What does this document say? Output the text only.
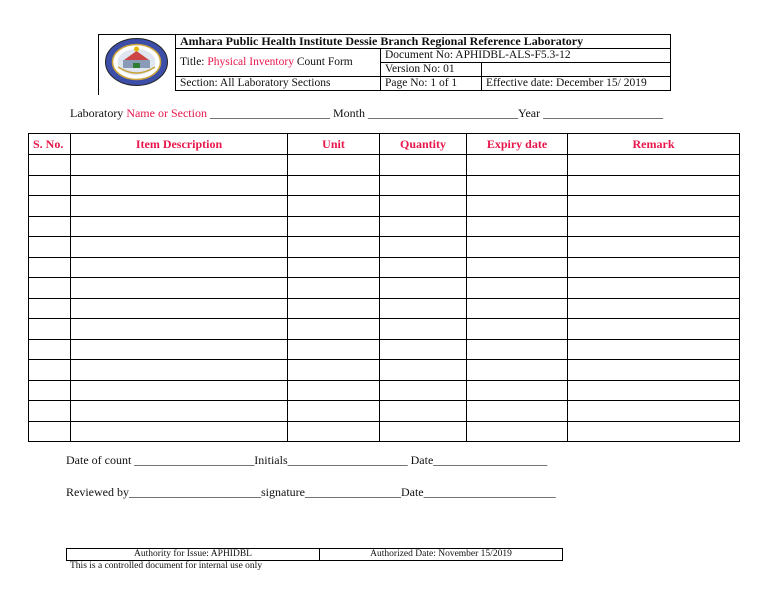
Amhara Public Health Institute Dessie Branch Regional Reference Laboratory		
Title: Physical Inventory Count Form	Document No: APHIDBL-ALS-F5.3-12	
	Version No: 01	
Section: All Laboratory Sections	Page No: 1 of 1	Effective date: December 15/ 2019
Laboratory Name or Section ____________________ Month _________________________Year ____________________
S. No.	Item Description	Unit	Quantity	Expiry date	Remark

Date of count ____________________Initials____________________ Date___________________
Reviewed by______________________signature________________Date______________________
Authority for Issue: APHIDBL	Authorized Date: November 15/2019
This is a controlled document for internal use only
